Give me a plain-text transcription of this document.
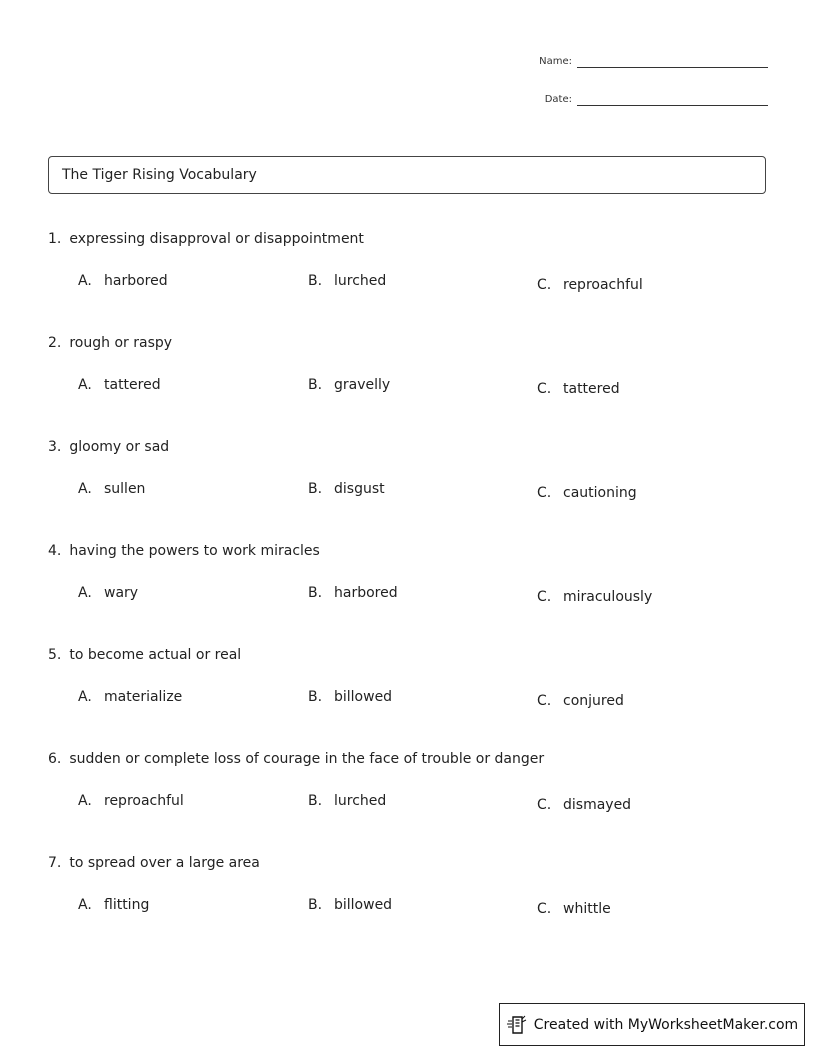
Name:
Date:
The Tiger Rising Vocabulary
1. expressing disapproval or disappointment
A. harbored	B. lurched	C. reproachful
2. rough or raspy
A. tattered	B. gravelly	C. tattered
3. gloomy or sad
A. sullen	B. disgust	C. cautioning
4. having the powers to work miracles
A. wary	B. harbored	C. miraculously
5. to become actual or real
A. materialize	B. billowed	C. conjured
6. sudden or complete loss of courage in the face of trouble or danger
A. reproachful	B. lurched	C. dismayed
7. to spread over a large area
A. flitting	B. billowed	C. whittle
Created with MyWorksheetMaker.com
